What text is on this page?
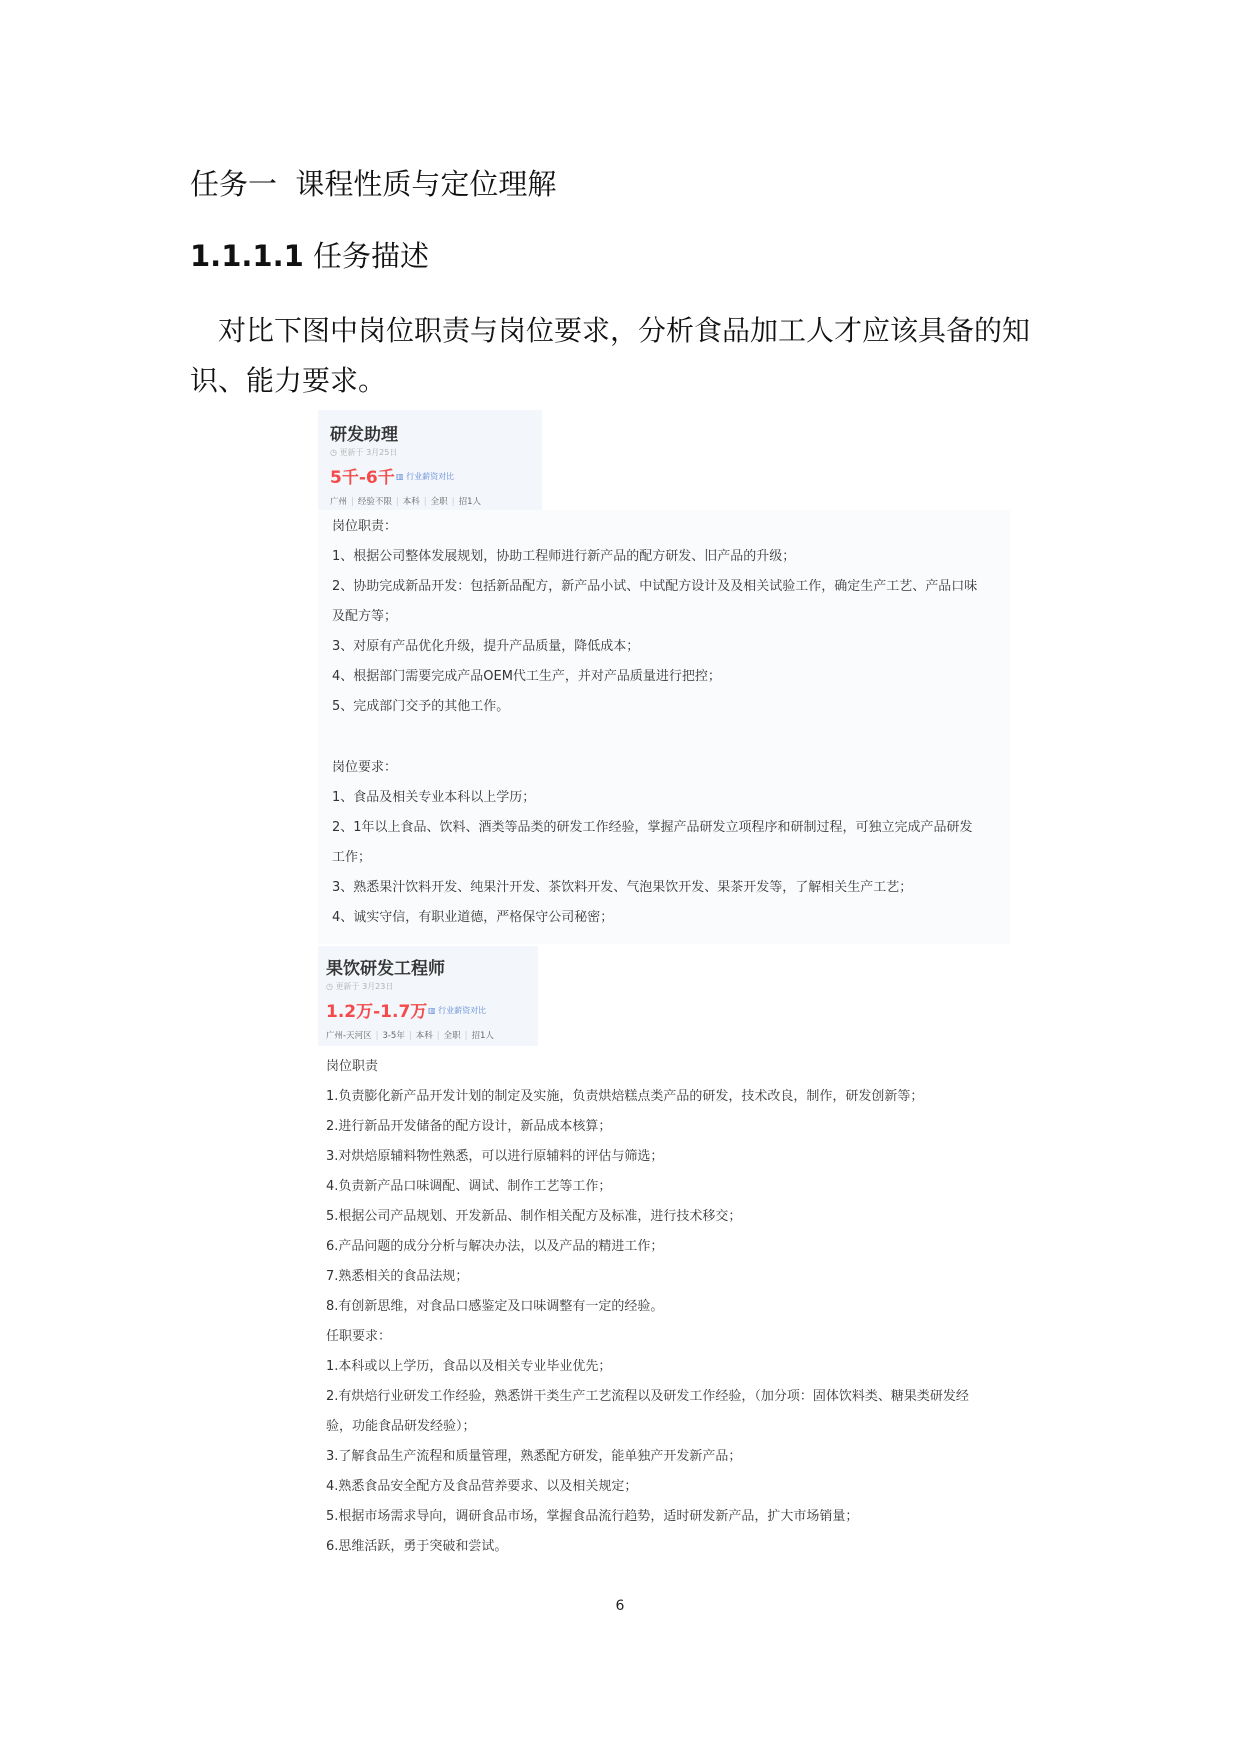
任务一  课程性质与定位理解
1.1.1.1 任务描述
对比下图中岗位职责与岗位要求，分析食品加工人才应该具备的知识、能力要求。
研发助理
◷ 更新于 3月25日
5千-6千 ▥ 行业薪资对比
广州 | 经验不限 | 本科 | 全职 | 招1人
岗位职责：
1、根据公司整体发展规划，协助工程师进行新产品的配方研发、旧产品的升级；
2、协助完成新品开发：包括新品配方，新产品小试、中试配方设计及及相关试验工作，确定生产工艺、产品口味
及配方等；
3、对原有产品优化升级，提升产品质量，降低成本；
4、根据部门需要完成产品OEM代工生产，并对产品质量进行把控；
5、完成部门交予的其他工作。
岗位要求：
1、食品及相关专业本科以上学历；
2、1年以上食品、饮料、酒类等品类的研发工作经验，掌握产品研发立项程序和研制过程，可独立完成产品研发
工作；
3、熟悉果汁饮料开发、纯果汁开发、茶饮料开发、气泡果饮开发、果茶开发等，了解相关生产工艺；
4、诚实守信，有职业道德，严格保守公司秘密；
果饮研发工程师
◷ 更新于 3月23日
1.2万-1.7万 ▥ 行业薪资对比
广州-天河区 | 3-5年 | 本科 | 全职 | 招1人
岗位职责
1.负责膨化新产品开发计划的制定及实施，负责烘焙糕点类产品的研发，技术改良，制作，研发创新等；
2.进行新品开发储备的配方设计，新品成本核算；
3.对烘焙原辅料物性熟悉，可以进行原辅料的评估与筛选；
4.负责新产品口味调配、调试、制作工艺等工作；
5.根据公司产品规划、开发新品、制作相关配方及标准，进行技术移交；
6.产品问题的成分分析与解决办法，以及产品的精进工作；
7.熟悉相关的食品法规；
8.有创新思维，对食品口感鉴定及口味调整有一定的经验。
任职要求：
1.本科或以上学历，食品以及相关专业毕业优先；
2.有烘焙行业研发工作经验，熟悉饼干类生产工艺流程以及研发工作经验，（加分项：固体饮料类、糖果类研发经
验，功能食品研发经验）；
3.了解食品生产流程和质量管理，熟悉配方研发，能单独产开发新产品；
4.熟悉食品安全配方及食品营养要求、以及相关规定；
5.根据市场需求导向，调研食品市场，掌握食品流行趋势，适时研发新产品，扩大市场销量；
6.思维活跃，勇于突破和尝试。
6
